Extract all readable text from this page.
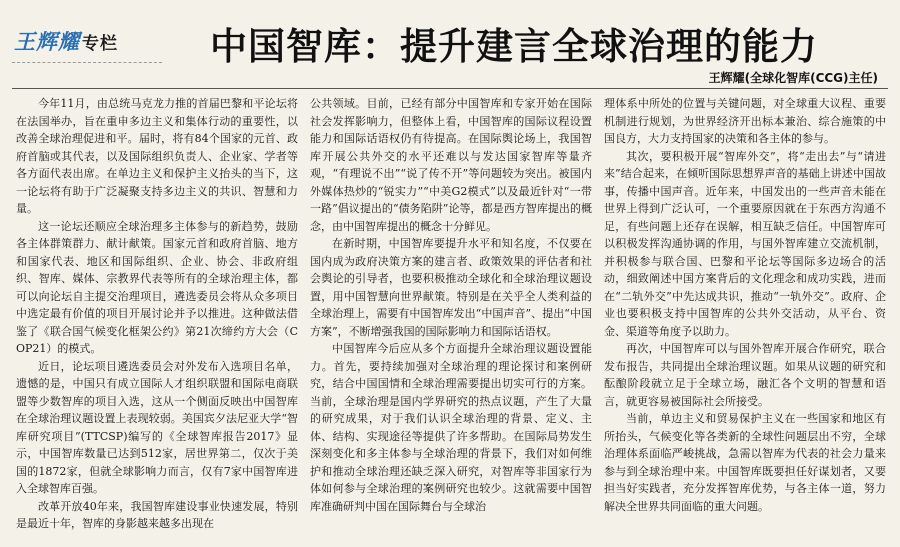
王辉耀 专栏 中国智库：提升建言全球治理的能力
王辉耀(全球化智库(CCG)主任)

今年11月，由总统马克龙力推的首届巴黎和平论坛将在法国举办，旨在重申多边主义和集体行动的重要性，以改善全球治理促进和平。届时，将有84个国家的元首、政府首脑或其代表，以及国际组织负责人、企业家、学者等各方面代表出席。在单边主义和保护主义抬头的当下，这一论坛将有助于广泛凝聚支持多边主义的共识、智慧和力量。

这一论坛还顺应全球治理多主体参与的新趋势，鼓励各主体群策群力、献计献策。国家元首和政府首脑、地方和国家代表、地区和国际组织、企业、协会、非政府组织、智库、媒体、宗教界代表等所有的全球治理主体，都可以向论坛自主提交治理项目，遴选委员会将从众多项目中选定最有价值的项目开展讨论并予以推进。这种做法借鉴了《联合国气候变化框架公约》第21次缔约方大会（COP21）的模式。

近日，论坛项目遴选委员会对外发布入选项目名单，遗憾的是，中国只有成立国际人才组织联盟和国际电商联盟等少数智库的项目入选，这从一个侧面反映出中国智库在全球治理议题设置上表现较弱。美国宾夕法尼亚大学“智库研究项目”(TTCSP)编写的《全球智库报告2017》显示，中国智库数量已达到512家，居世界第二，仅次于美国的1872家，但就全球影响力而言，仅有7家中国智库进入全球智库百强。

改革开放40年来，我国智库建设事业快速发展，特别是最近十年，智库的身影越来越多出现在

公共领域。目前，已经有部分中国智库和专家开始在国际社会发挥影响力，但整体上看，中国智库的国际议程设置能力和国际话语权仍有待提高。在国际舆论场上，我国智库开展公共外交的水平还难以与发达国家智库等量齐观，“有理说不出”“说了传不开”等问题较为突出。被国内外媒体热炒的“锐实力”“中美G2模式”以及最近针对“一带一路”倡议提出的“债务陷阱”论等，都是西方智库提出的概念，由中国智库提出的概念十分鲜见。

在新时期，中国智库要提升水平和知名度，不仅要在国内成为政府决策方案的建言者、政策效果的评估者和社会舆论的引导者，也要积极推动全球化和全球治理议题设置，用中国智慧向世界献策。特别是在关乎全人类利益的全球治理上，需要有中国智库发出“中国声音”、提出“中国方案”，不断增强我国的国际影响力和国际话语权。

中国智库今后应从多个方面提升全球治理议题设置能力。首先，要持续加强对全球治理的理论探讨和案例研究，结合中国国情和全球治理需要提出切实可行的方案。当前，全球治理是国内学界研究的热点议题，产生了大量的研究成果，对于我们认识全球治理的背景、定义、主体、结构、实现途径等提供了许多帮助。在国际局势发生深刻变化和多主体参与全球治理的背景下，我们对如何维护和推动全球治理还缺乏深入研究，对智库等非国家行为体如何参与全球治理的案例研究也较少。这就需要中国智库准确研判中国在国际舞台与全球治

理体系中所处的位置与关键问题，对全球重大议程、重要机制进行规划，为世界经济开出标本兼治、综合施策的中国良方，大力支持国家的决策和各主体的参与。

其次，要积极开展“智库外交”，将“走出去”与“请进来”结合起来，在倾听国际思想界声音的基础上讲述中国故事，传播中国声音。近年来，中国发出的一些声音未能在世界上得到广泛认可，一个重要原因就在于东西方沟通不足，有些问题上还存在误解，相互缺乏信任。中国智库可以积极发挥沟通协调的作用，与国外智库建立交流机制，并积极参与联合国、巴黎和平论坛等国际多边场合的活动，细致阐述中国方案背后的文化理念和成功实践，进而在“二轨外交”中先达成共识，推动“一轨外交”。政府、企业也要积极支持中国智库的公共外交活动，从平台、资金、渠道等角度予以助力。

再次，中国智库可以与国外智库开展合作研究，联合发布报告，共同提出全球治理议题。如果从议题的研究和酝酿阶段就立足于全球立场，融汇各个文明的智慧和语言，就更容易被国际社会所接受。

当前，单边主义和贸易保护主义在一些国家和地区有所抬头，气候变化等各类新的全球性问题层出不穷，全球治理体系面临严峻挑战，急需以智库为代表的社会力量来参与到全球治理中来。中国智库既要担任好谋划者，又要担当好实践者，充分发挥智库优势，与各主体一道，努力解决全世界共同面临的重大问题。
